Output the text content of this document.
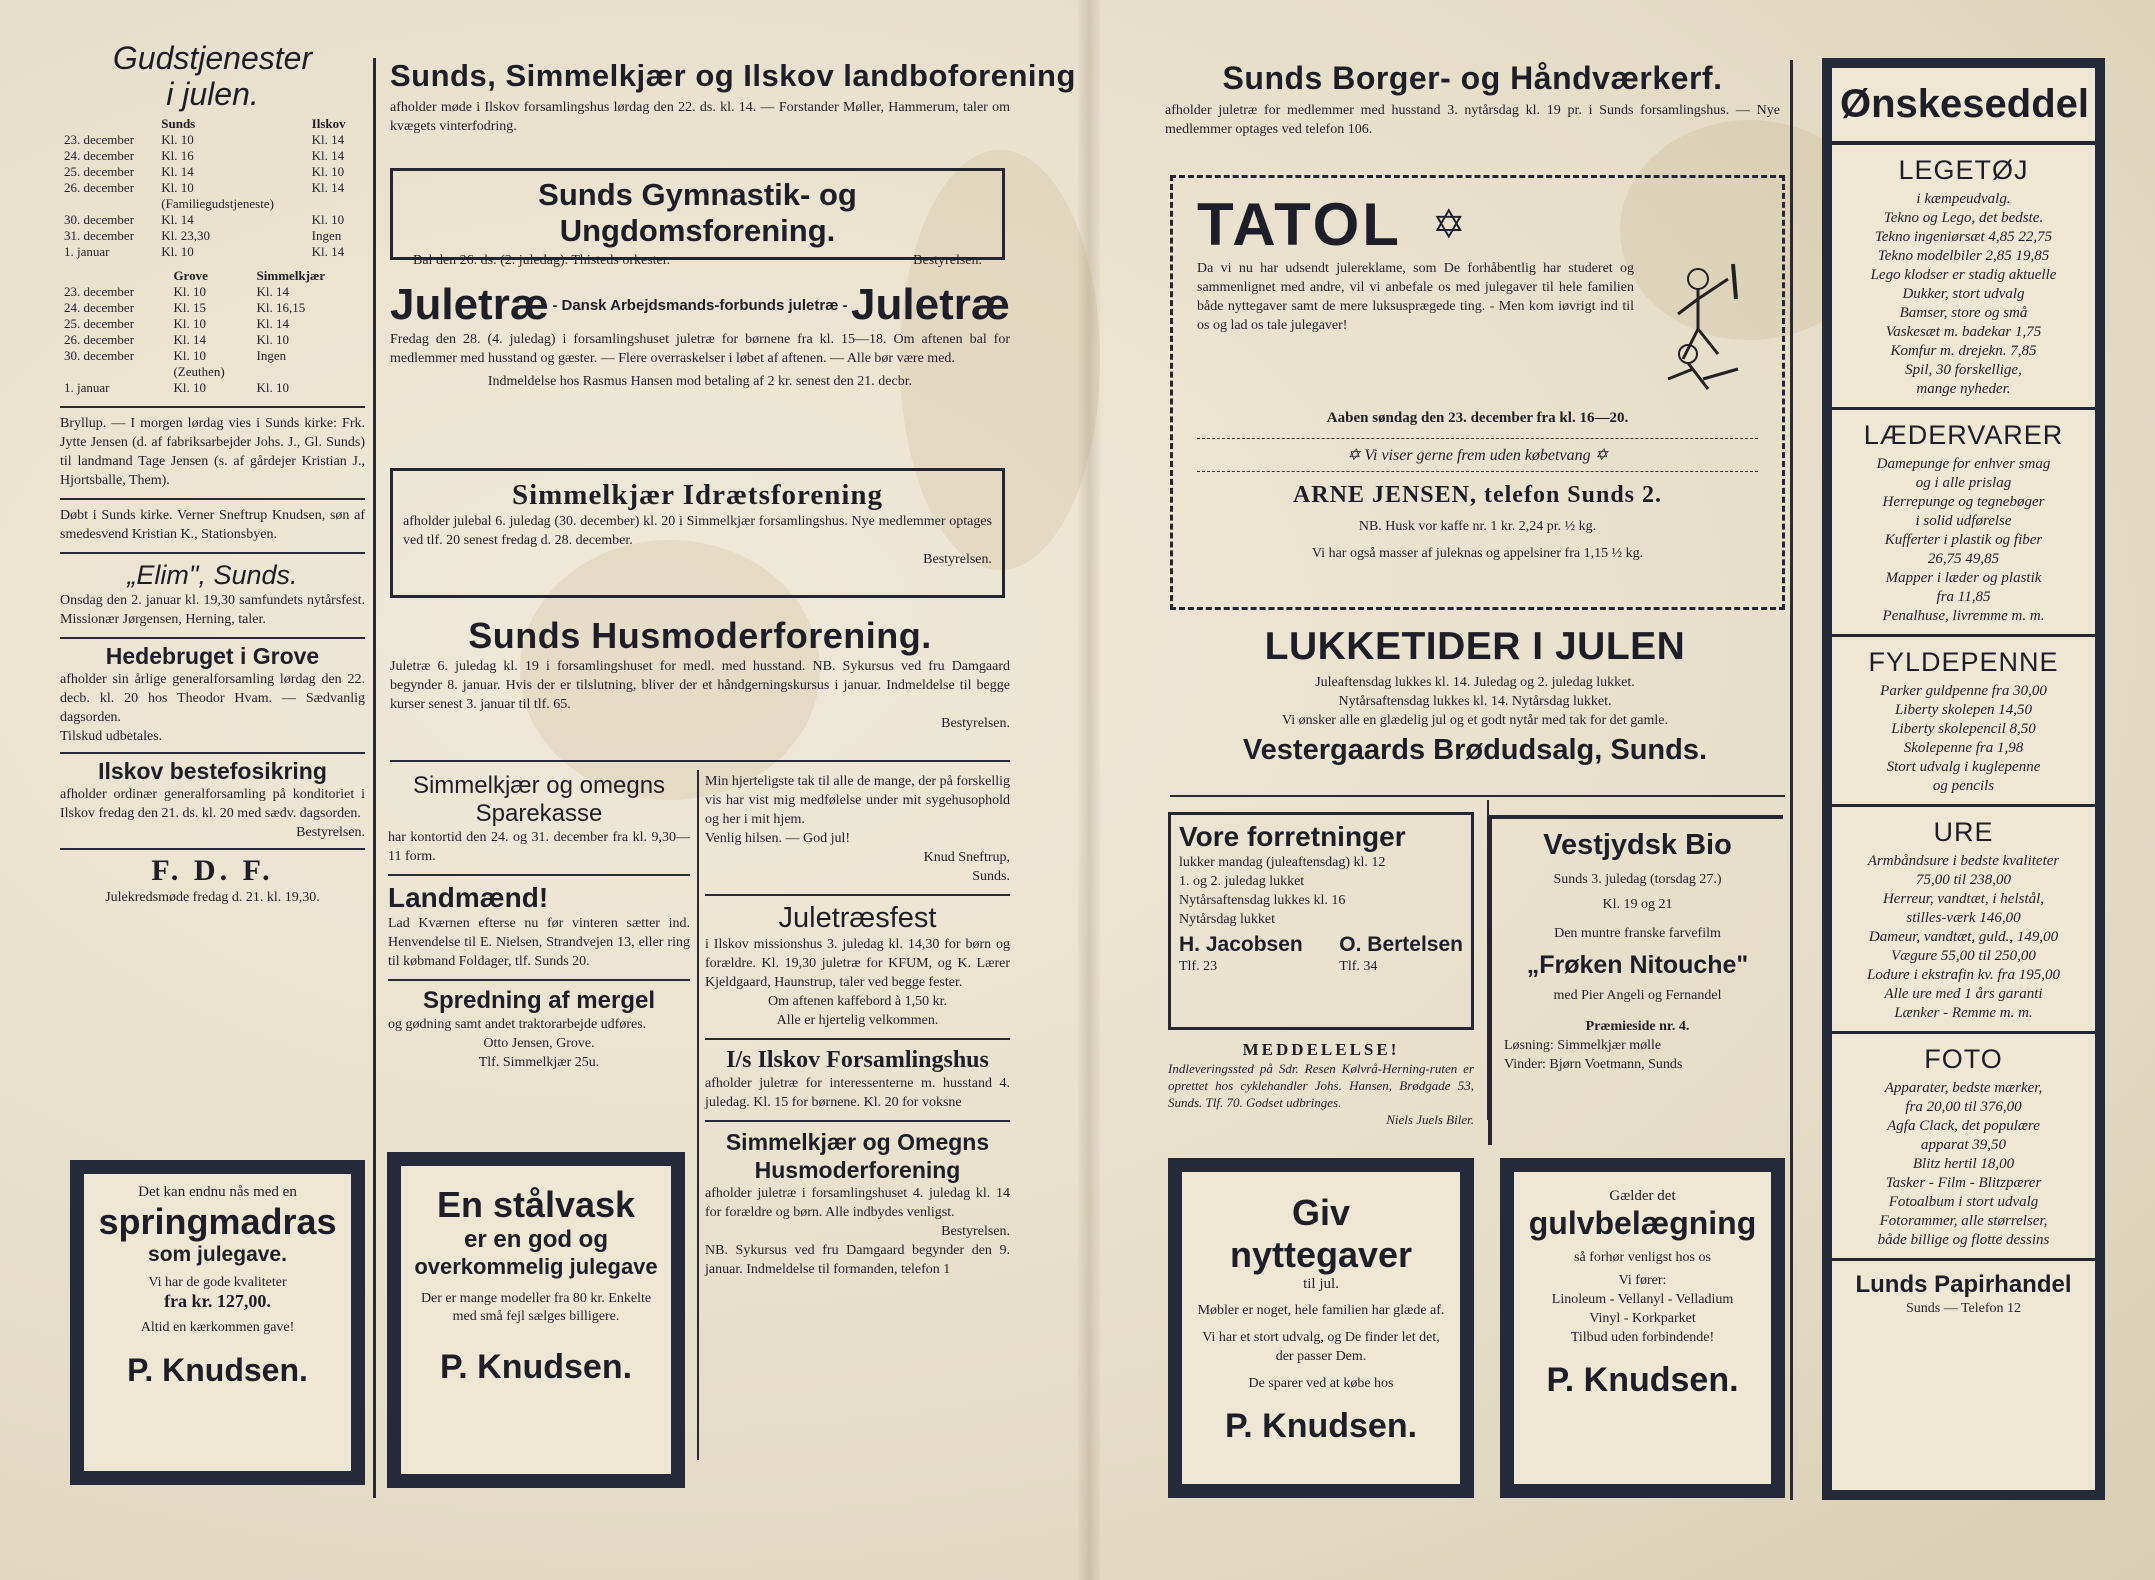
Gudstjenester
i julen.
	Sunds	Ilskov
23. december	Kl. 10	Kl. 14
24. december	Kl. 16	Kl. 14
25. december	Kl. 14	Kl. 10
26. december	Kl. 10	Kl. 14
	(Familiegudstjeneste)	
30. december	Kl. 14	Kl. 10
31. december	Kl. 23,30	Ingen
1. januar	Kl. 10	Kl. 14
	Grove	Simmelkjær
23. december	Kl. 10	Kl. 14
24. december	Kl. 15	Kl. 16,15
25. december	Kl. 10	Kl. 14
26. december	Kl. 14	Kl. 10
30. december	Kl. 10	Ingen
	(Zeuthen)	
1. januar	Kl. 10	Kl. 10

Bryllup. — I morgen lørdag vies i Sunds kirke: Frk. Jytte Jensen (d. af fabriksarbejder Johs. J., Gl. Sunds) til landmand Tage Jensen (s. af gårdejer Kristian J., Hjortsballe, Them).

Døbt i Sunds kirke. Verner Sneftrup Knudsen, søn af smedesvend Kristian K., Stationsbyen.

„Elim", Sunds.

Onsdag den 2. januar kl. 19,30 samfundets nytårsfest. Missionær Jørgensen, Herning, taler.

Hedebruget i Grove

afholder sin årlige generalforsamling lørdag den 22. decb. kl. 20 hos Theodor Hvam. — Sædvanlig dagsorden.

Tilskud udbetales.

Ilskov bestefosikring

afholder ordinær generalforsamling på konditoriet i Ilskov fredag den 21. ds. kl. 20 med sædv. dagsorden.

Bestyrelsen.

F. D. F.

Julekredsmøde fredag d. 21. kl. 19,30.

Det kan endnu nås med en
springmadras
som julegave.
Vi har de gode kvaliteter
fra kr. 127,00.
Altid en kærkommen gave!
P. Knudsen.
Sunds, Simmelkjær og Ilskov landboforening

afholder møde i Ilskov forsamlingshus lørdag den 22. ds. kl. 14. — Forstander Møller, Hammerum, taler om kvægets vinterfodring.

Sunds Gymnastik- og Ungdomsforening.
Bal den 26. ds. (2. juledag). Thisteds orkester.	Bestyrelsen.
Juletræ - Dansk Arbejdsmands-forbunds juletræ - Juletræ

Fredag den 28. (4. juledag) i forsamlingshuset juletræ for børnene fra kl. 15—18. Om aftenen bal for medlemmer med husstand og gæster. — Flere overraskelser i løbet af aftenen. — Alle bør være med.

Indmeldelse hos Rasmus Hansen mod betaling af 2 kr. senest den 21. decbr.

Simmelkjær Idrætsforening

afholder julebal 6. juledag (30. december) kl. 20 i Simmelkjær forsamlingshus. Nye medlemmer optages ved tlf. 20 senest fredag d. 28. december.

Bestyrelsen.

Sunds Husmoderforening.

Juletræ 6. juledag kl. 19 i forsamlingshuset for medl. med husstand. NB. Sykursus ved fru Damgaard begynder 8. januar. Hvis der er tilslutning, bliver der et håndgerningskursus i januar. Indmeldelse til begge kurser senest 3. januar til tlf. 65.

Bestyrelsen.

Simmelkjær og omegns Sparekasse

har kontortid den 24. og 31. december fra kl. 9,30—11 form.

Landmænd!

Lad Kværnen efterse nu før vinteren sætter ind. Henvendelse til E. Nielsen, Strandvejen 13, eller ring til købmand Foldager, tlf. Sunds 20.

Spredning af mergel

og gødning samt andet traktorarbejde udføres.

Otto Jensen, Grove.

Tlf. Simmelkjær 25u.

En stålvask
er en god og
overkommelig julegave
Der er mange modeller fra 80 kr. Enkelte med små fejl sælges billigere.
P. Knudsen.

Min hjerteligste tak til alle de mange, der på forskellig vis har vist mig medfølelse under mit sygehusophold og her i mit hjem.

Venlig hilsen. — God jul!

Knud Sneftrup,

Sunds.

Juletræsfest

i Ilskov missionshus 3. juledag kl. 14,30 for børn og forældre. Kl. 19,30 juletræ for KFUM, og K. Lærer Kjeldgaard, Haunstrup, taler ved begge fester.

Om aftenen kaffebord à 1,50 kr.

Alle er hjertelig velkommen.

I/s Ilskov Forsamlingshus

afholder juletræ for interessenterne m. husstand 4. juledag. Kl. 15 for børnene. Kl. 20 for voksne

Simmelkjær og Omegns Husmoderforening

afholder juletræ i forsamlingshuset 4. juledag kl. 14 for forældre og børn. Alle indbydes venligst.

Bestyrelsen.

NB. Sykursus ved fru Damgaard begynder den 9. januar. Indmeldelse til formanden, telefon 1

Sunds Borger- og Håndværkerf.

afholder juletræ for medlemmer med husstand 3. nytårsdag kl. 19 pr. i Sunds forsamlingshus. — Nye medlemmer optages ved telefon 106.

TATOL ✡

Da vi nu har udsendt julereklame, som De forhåbentlig har studeret og sammenlignet med andre, vil vi anbefale os med julegaver til hele familien både nyttegaver samt de mere luksusprægede ting. - Men kom iøvrigt ind til os og lad os tale julegaver!

Aaben søndag den 23. december fra kl. 16—20.

✡ Vi viser gerne frem uden købetvang ✡
ARNE JENSEN, telefon Sunds 2.

NB. Husk vor kaffe nr. 1 kr. 2,24 pr. ½ kg.

Vi har også masser af juleknas og appelsiner fra 1,15 ½ kg.

LUKKETIDER I JULEN

Juleaftensdag lukkes kl. 14. Juledag og 2. juledag lukket.

Nytårsaftensdag lukkes kl. 14. Nytårsdag lukket.

Vi ønsker alle en glædelig jul og et godt nytår med tak for det gamle.

Vestergaards Brødudsalg, Sunds.
Vore forretninger

lukker mandag (juleaftensdag) kl. 12

1. og 2. juledag lukket

Nytårsaftensdag lukkes kl. 16

Nytårsdag lukket

H. Jacobsen
Tlf. 23
O. Bertelsen
Tlf. 34
MEDDELELSE!

Indleveringssted på Sdr. Resen Kølvrå-Herning-ruten er oprettet hos cyklehandler Johs. Hansen, Brødgade 53, Sunds. Tlf. 70. Godset udbringes.

Niels Juels Biler.

Vestjydsk Bio

Sunds 3. juledag (torsdag 27.)

Kl. 19 og 21

Den muntre franske farvefilm

„Frøken Nitouche"

med Pier Angeli og Fernandel

Præmieside nr. 4.

Løsning: Simmelkjær mølle

Vinder: Bjørn Voetmann, Sunds

Giv nyttegaver
til jul.
Møbler er noget, hele familien har glæde af.
Vi har et stort udvalg, og De finder let det, der passer Dem.
De sparer ved at købe hos
P. Knudsen.
Gælder det
gulvbelægning
så forhør venligst hos os
Vi fører:
Linoleum - Vellanyl - Velladium
Vinyl - Korkparket
Tilbud uden forbindende!
P. Knudsen.
Ønskeseddel
LEGETØJ

i kæmpeudvalg.

Tekno og Lego, det bedste.

Tekno ingeniørsæt 4,85 22,75

Tekno modelbiler 2,85 19,85

Lego klodser er stadig aktuelle

Dukker, stort udvalg

Bamser, store og små

Vaskesæt m. badekar 1,75

Komfur m. drejekn. 7,85

Spil, 30 forskellige,

mange nyheder.

LÆDERVARER

Damepunge for enhver smag

og i alle prislag

Herrepunge og tegnebøger

i solid udførelse

Kufferter i plastik og fiber

26,75 49,85

Mapper i læder og plastik

fra 11,85

Penalhuse, livremme m. m.

FYLDEPENNE

Parker guldpenne fra 30,00

Liberty skolepen 14,50

Liberty skolepencil 8,50

Skolepenne fra 1,98

Stort udvalg i kuglepenne

og pencils

URE

Armbåndsure i bedste kvaliteter

75,00 til 238,00

Herreur, vandtæt, i helstål,

stilles-værk 146,00

Dameur, vandtæt, guld., 149,00

Vægure 55,00 til 250,00

Lodure i ekstrafin kv. fra 195,00

Alle ure med 1 års garanti

Lænker - Remme m. m.

FOTO

Apparater, bedste mærker,

fra 20,00 til 376,00

Agfa Clack, det populære

apparat 39,50

Blitz hertil 18,00

Tasker - Film - Blitzpærer

Fotoalbum i stort udvalg

Fotorammer, alle størrelser,

både billige og flotte dessins

Lunds Papirhandel
Sunds — Telefon 12
